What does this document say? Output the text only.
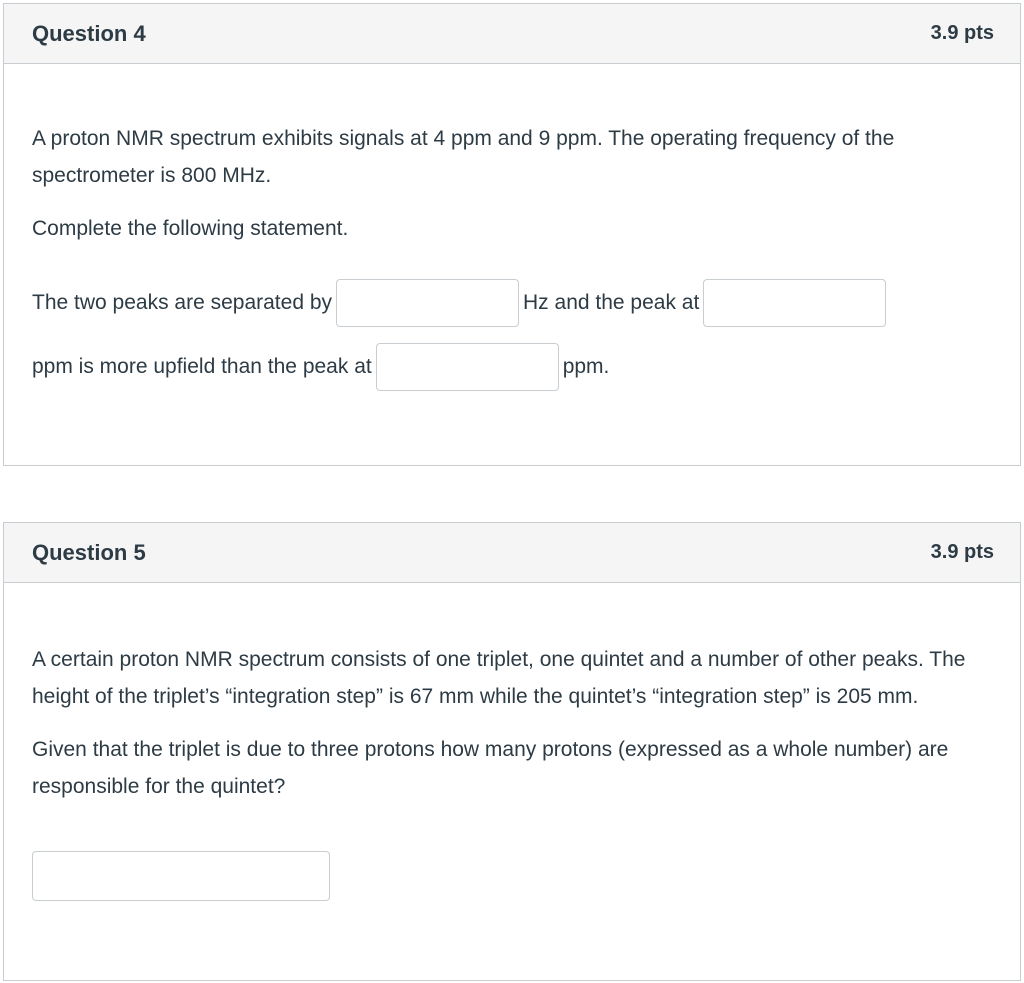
Question 4	3.9 pts

A proton NMR spectrum exhibits signals at 4 ppm and 9 ppm. The operating frequency of the spectrometer is 800 MHz.

Complete the following statement.

The two peaks are separated by	Hz and the peak at
ppm is more upfield than the peak at	ppm.

Question 5	3.9 pts

A certain proton NMR spectrum consists of one triplet, one quintet and a number of other peaks. The height of the triplet’s “integration step” is 67 mm while the quintet’s “integration step” is 205 mm.

Given that the triplet is due to three protons how many protons (expressed as a whole number) are responsible for the quintet?
